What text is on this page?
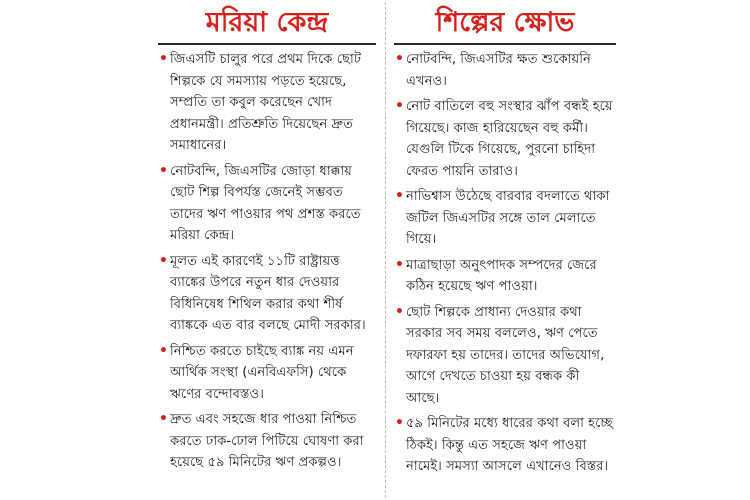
মরিয়া কেন্দ্র
• জিএসটি চালুর পরে প্রথম দিকে ছোট শিল্পকে যে সমস্যায় পড়তে হয়েছে, সম্প্রতি তা কবুল করেছেন খোদ প্রধানমন্ত্রী। প্রতিশ্রুতি দিয়েছেন দ্রুত সমাধানের।
• নোটবন্দি, জিএসটির জোড়া ধাক্কায় ছোট শিল্প বিপর্যস্ত জেনেই সম্ভবত তাদের ঋণ পাওয়ার পথ প্রশস্ত করতে মরিয়া কেন্দ্র।
• মূলত এই কারণেই ১১টি রাষ্ট্রায়ত্ত ব্যাঙ্কের উপরে নতুন ধার দেওয়ার বিধিনিষেধ শিথিল করার কথা শীর্ষ ব্যাঙ্ককে এত বার বলছে মোদী সরকার।
• নিশ্চিত করতে চাইছে ব্যাঙ্ক নয় এমন আর্থিক সংস্থা (এনবিএফসি) থেকে ঋণের বন্দোবস্তও।
• দ্রুত এবং সহজে ধার পাওয়া নিশ্চিত করতে ঢাক-ঢোল পিটিয়ে ঘোষণা করা হয়েছে ৫৯ মিনিটের ঋণ প্রকল্পও।
শিল্পের ক্ষোভ
• নোটবন্দি, জিএসটির ক্ষত শুকোয়নি এখনও।
• নোট বাতিলে বহু সংস্থার ঝাঁপ বন্ধই হয়ে গিয়েছে। কাজ হারিয়েছেন বহু কর্মী। যেগুলি টিকে গিয়েছে, পুরনো চাহিদা ফেরত পায়নি তারাও।
• নাভিশ্বাস উঠেছে বারবার বদলাতে থাকা জটিল জিএসটির সঙ্গে তাল মেলাতে গিয়ে।
• মাত্রাছাড়া অনুৎপাদক সম্পদের জেরে কঠিন হয়েছে ঋণ পাওয়া।
• ছোট শিল্পকে প্রাধান্য দেওয়ার কথা সরকার সব সময় বললেও, ঋণ পেতে দফারফা হয় তাদের। তাদের অভিযোগ, আগে দেখতে চাওয়া হয় বন্ধক কী আছে।
• ৫৯ মিনিটের মধ্যে ধারের কথা বলা হচ্ছে ঠিকই। কিন্তু এত সহজে ঋণ পাওয়া নামেই। সমস্যা আসলে এখানেও বিস্তর।
